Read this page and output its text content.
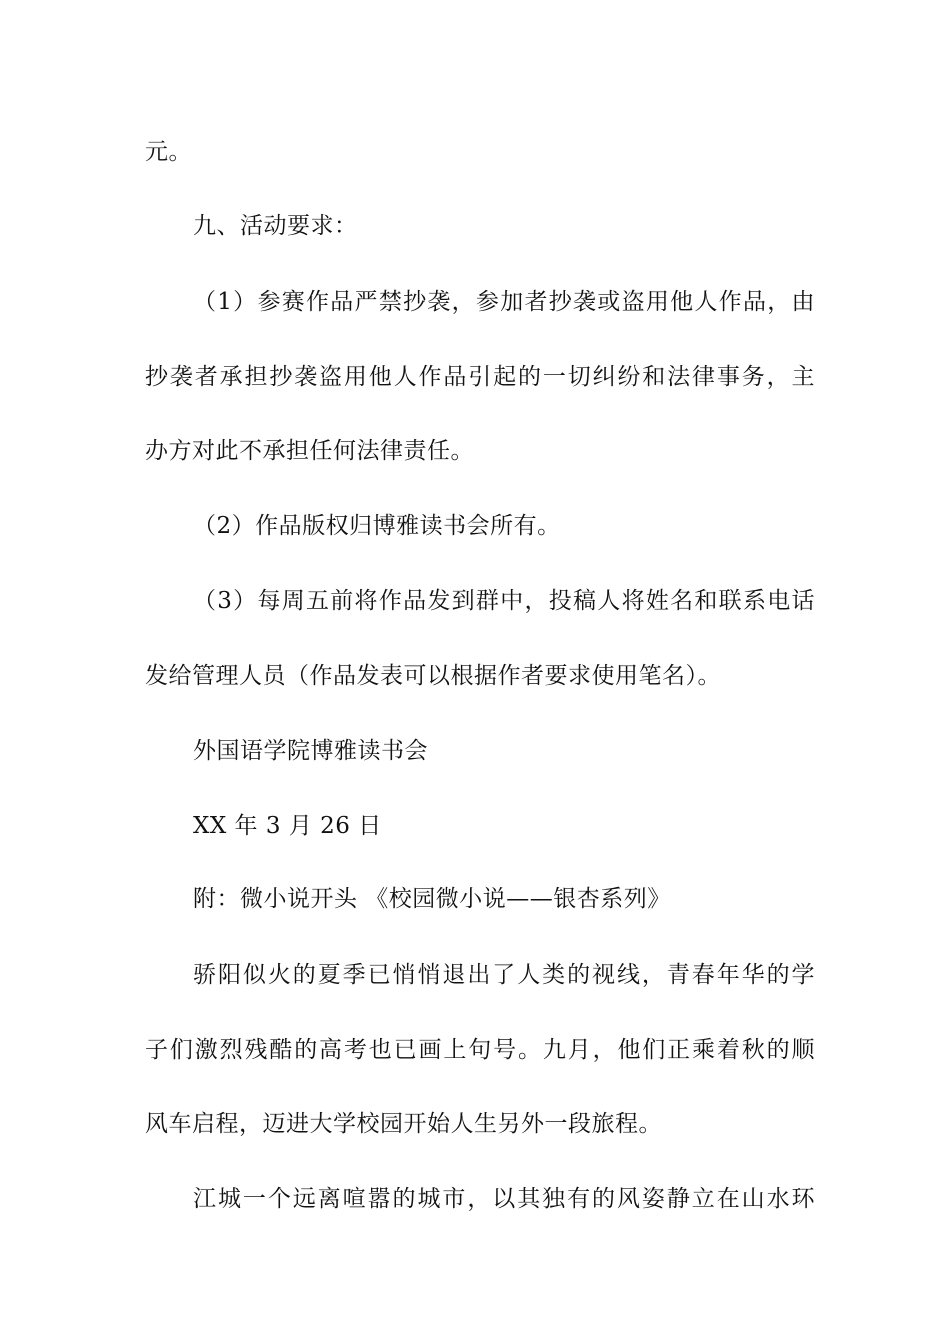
元。
九、活动要求：
（1）参赛作品严禁抄袭，参加者抄袭或盗用他人作品，由
抄袭者承担抄袭盗用他人作品引起的一切纠纷和法律事务，主
办方对此不承担任何法律责任。
（2）作品版权归博雅读书会所有。
（3）每周五前将作品发到群中，投稿人将姓名和联系电话
发给管理人员（作品发表可以根据作者要求使用笔名）。
外国语学院博雅读书会
XX 年 3 月 26 日
附：微小说开头 《校园微小说——银杏系列》
骄阳似火的夏季已悄悄退出了人类的视线，青春年华的学
子们激烈残酷的高考也已画上句号。九月，他们正乘着秋的顺
风车启程，迈进大学校园开始人生另外一段旅程。
江城一个远离喧嚣的城市，以其独有的风姿静立在山水环
